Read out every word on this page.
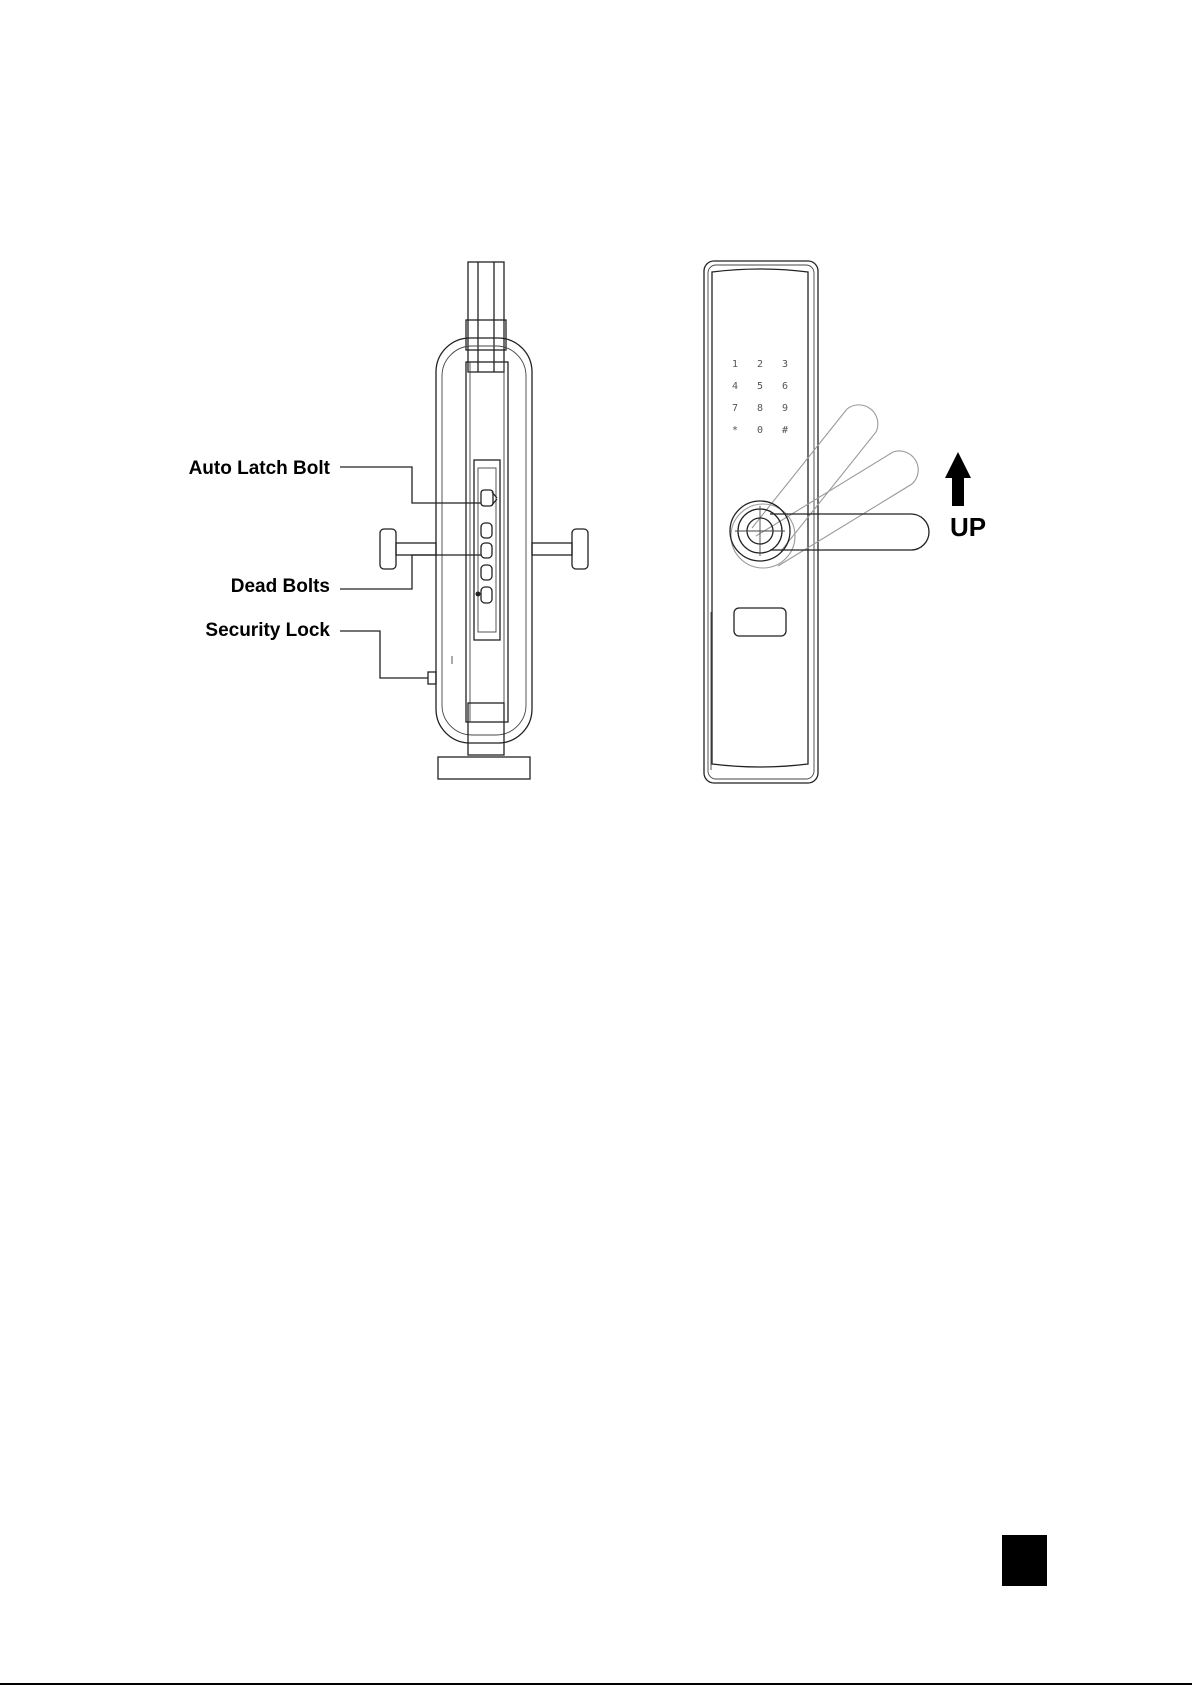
Auto Latch Bolt
Dead Bolts
Security Lock
1 2 3
4 5 6
7 8 9
* 0 #
UP
